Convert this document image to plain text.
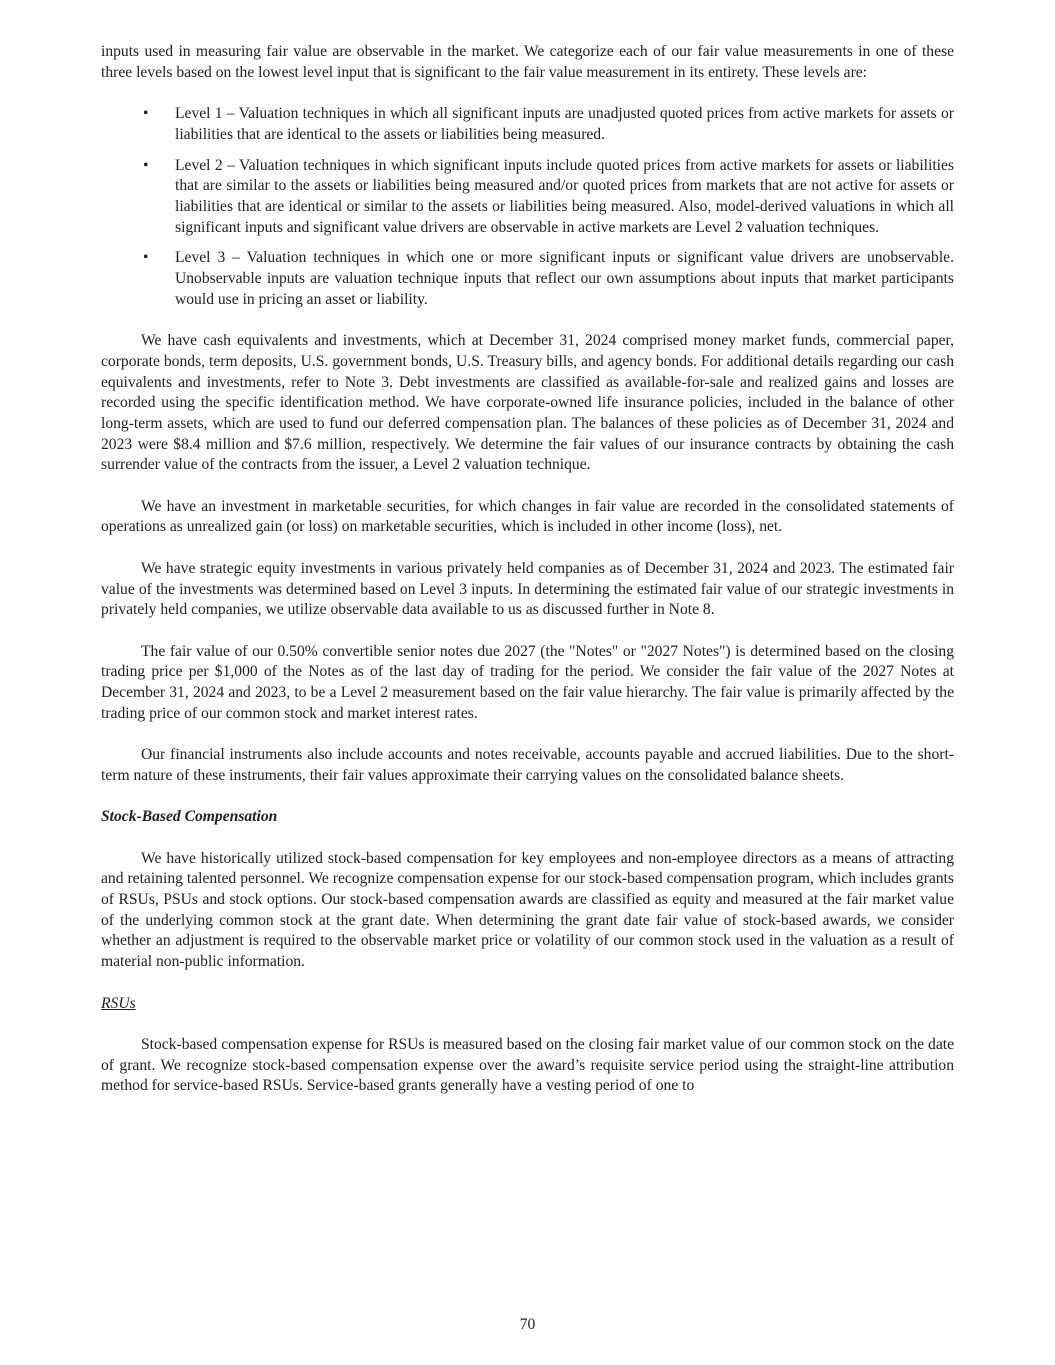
inputs used in measuring fair value are observable in the market. We categorize each of our fair value measurements in one of these three levels based on the lowest level input that is significant to the fair value measurement in its entirety. These levels are:

• Level 1 – Valuation techniques in which all significant inputs are unadjusted quoted prices from active markets for assets or liabilities that are identical to the assets or liabilities being measured.
• Level 2 – Valuation techniques in which significant inputs include quoted prices from active markets for assets or liabilities that are similar to the assets or liabilities being measured and/or quoted prices from markets that are not active for assets or liabilities that are identical or similar to the assets or liabilities being measured. Also, model-derived valuations in which all significant inputs and significant value drivers are observable in active markets are Level 2 valuation techniques.
• Level 3 – Valuation techniques in which one or more significant inputs or significant value drivers are unobservable. Unobservable inputs are valuation technique inputs that reflect our own assumptions about inputs that market participants would use in pricing an asset or liability.

We have cash equivalents and investments, which at December 31, 2024 comprised money market funds, commercial paper, corporate bonds, term deposits, U.S. government bonds, U.S. Treasury bills, and agency bonds. For additional details regarding our cash equivalents and investments, refer to Note 3. Debt investments are classified as available-for-sale and realized gains and losses are recorded using the specific identification method. We have corporate-owned life insurance policies, included in the balance of other long-term assets, which are used to fund our deferred compensation plan. The balances of these policies as of December 31, 2024 and 2023 were $8.4 million and $7.6 million, respectively. We determine the fair values of our insurance contracts by obtaining the cash surrender value of the contracts from the issuer, a Level 2 valuation technique.

We have an investment in marketable securities, for which changes in fair value are recorded in the consolidated statements of operations as unrealized gain (or loss) on marketable securities, which is included in other income (loss), net.

We have strategic equity investments in various privately held companies as of December 31, 2024 and 2023. The estimated fair value of the investments was determined based on Level 3 inputs. In determining the estimated fair value of our strategic investments in privately held companies, we utilize observable data available to us as discussed further in Note 8.

The fair value of our 0.50% convertible senior notes due 2027 (the "Notes" or "2027 Notes") is determined based on the closing trading price per $1,000 of the Notes as of the last day of trading for the period. We consider the fair value of the 2027 Notes at December 31, 2024 and 2023, to be a Level 2 measurement based on the fair value hierarchy. The fair value is primarily affected by the trading price of our common stock and market interest rates.

Our financial instruments also include accounts and notes receivable, accounts payable and accrued liabilities. Due to the short-term nature of these instruments, their fair values approximate their carrying values on the consolidated balance sheets.

Stock-Based Compensation

We have historically utilized stock-based compensation for key employees and non-employee directors as a means of attracting and retaining talented personnel. We recognize compensation expense for our stock-based compensation program, which includes grants of RSUs, PSUs and stock options. Our stock-based compensation awards are classified as equity and measured at the fair market value of the underlying common stock at the grant date. When determining the grant date fair value of stock-based awards, we consider whether an adjustment is required to the observable market price or volatility of our common stock used in the valuation as a result of material non-public information.

RSUs

Stock-based compensation expense for RSUs is measured based on the closing fair market value of our common stock on the date of grant. We recognize stock-based compensation expense over the award’s requisite service period using the straight-line attribution method for service-based RSUs. Service-based grants generally have a vesting period of one to

70
